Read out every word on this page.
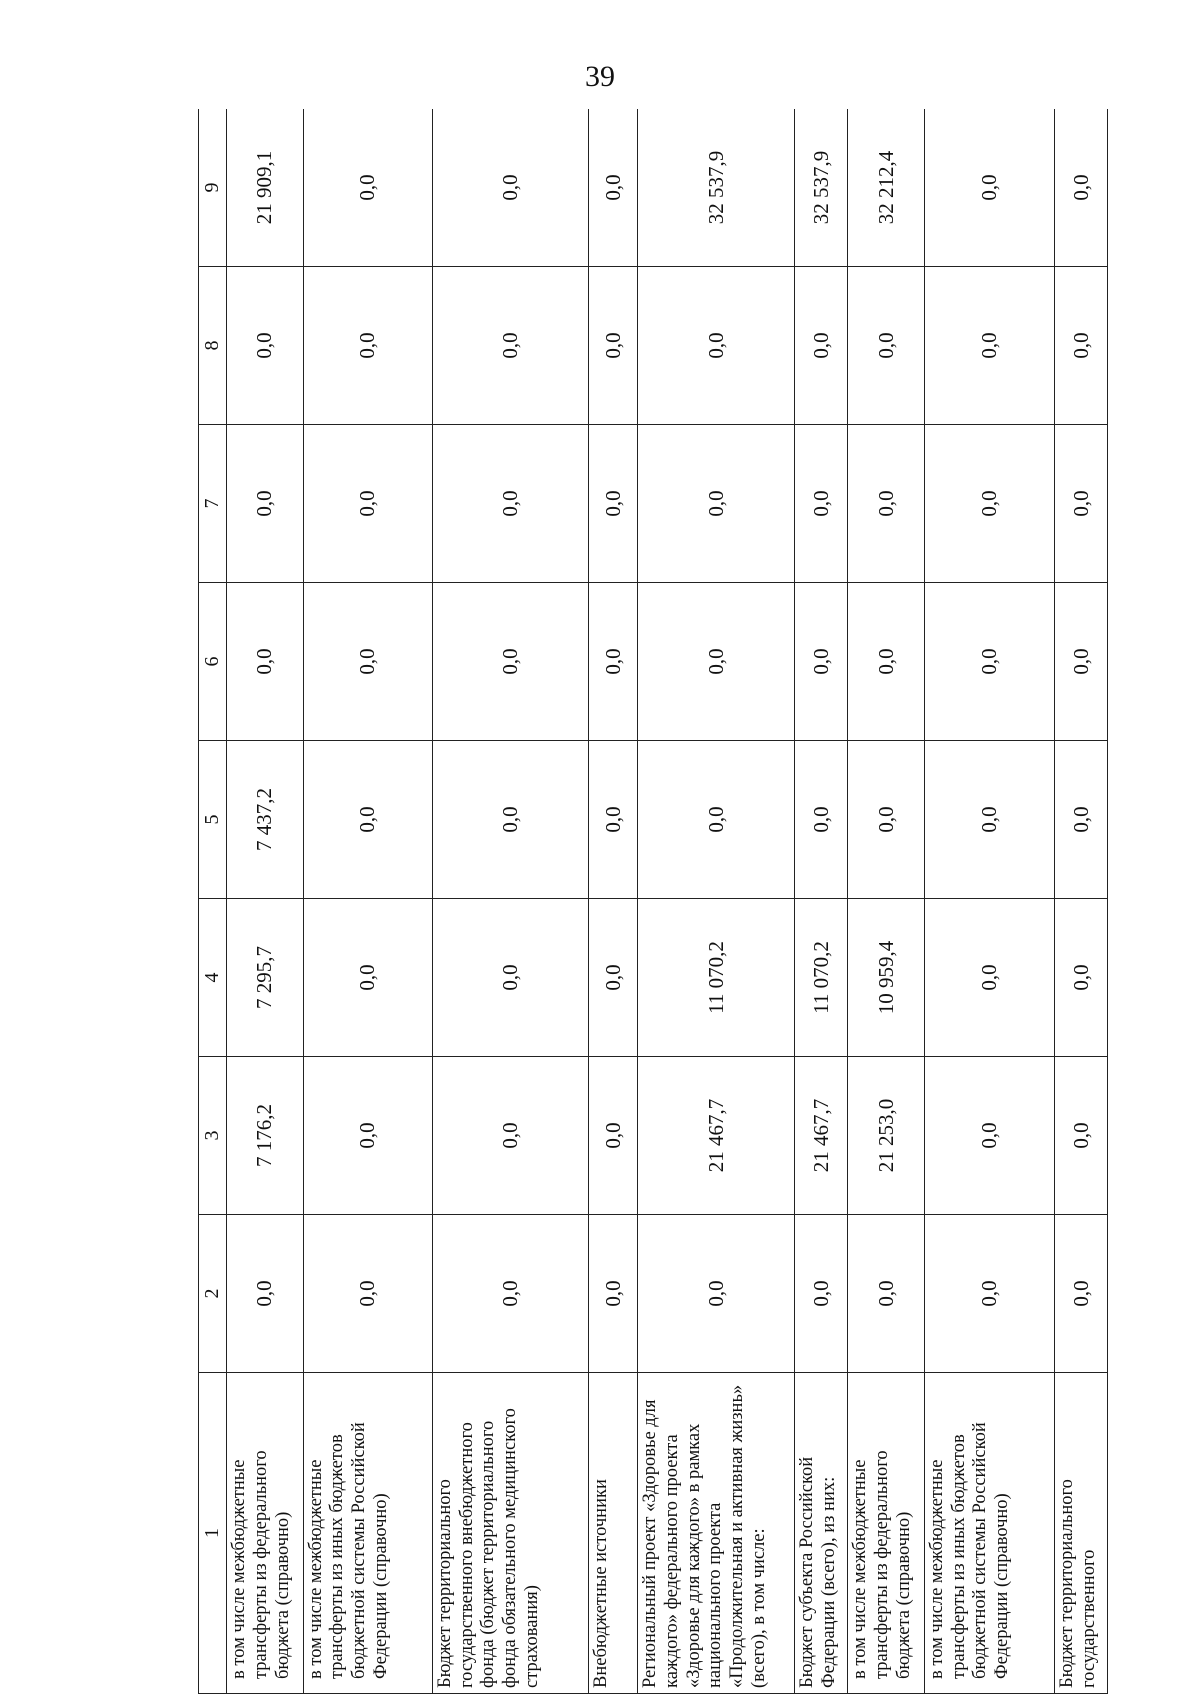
39
1	2	3	4	5	6	7	8	9
в том числе межбюджетные трансферты из федерального бюджета (справочно)	0,0	7 176,2	7 295,7	7 437,2	0,0	0,0	0,0	21 909,1
в том числе межбюджетные трансферты из иных бюджетов бюджетной системы Российской Федерации (справочно)	0,0	0,0	0,0	0,0	0,0	0,0	0,0	0,0
Бюджет территориального государственного внебюджетного фонда (бюджет территориального фонда обязательного медицинского страхования)	0,0	0,0	0,0	0,0	0,0	0,0	0,0	0,0
Внебюджетные источники	0,0	0,0	0,0	0,0	0,0	0,0	0,0	0,0
Региональный проект «Здоровье для каждого» федерального проекта «Здоровье для каждого» в рамках национального проекта «Продолжительная и активная жизнь» (всего), в том числе:	0,0	21 467,7	11 070,2	0,0	0,0	0,0	0,0	32 537,9
Бюджет субъекта Российской Федерации (всего), из них:	0,0	21 467,7	11 070,2	0,0	0,0	0,0	0,0	32 537,9
в том числе межбюджетные трансферты из федерального бюджета (справочно)	0,0	21 253,0	10 959,4	0,0	0,0	0,0	0,0	32 212,4
в том числе межбюджетные трансферты из иных бюджетов бюджетной системы Российской Федерации (справочно)	0,0	0,0	0,0	0,0	0,0	0,0	0,0	0,0
Бюджет территориального государственного	0,0	0,0	0,0	0,0	0,0	0,0	0,0	0,0
